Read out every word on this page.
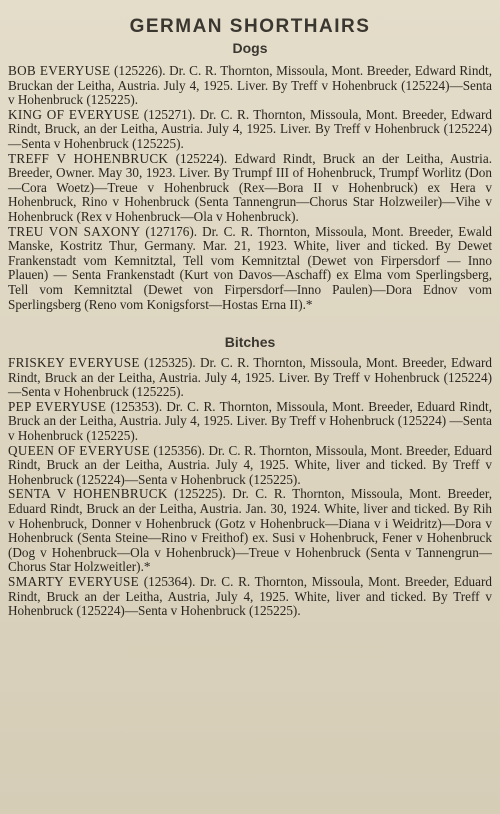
GERMAN SHORTHAIRS
Dogs

BOB EVERYUSE (125226). Dr. C. R. Thornton, Missoula, Mont. Breeder, Edward Rindt, Bruckan der Leitha, Austria. July 4, 1925. Liver. By Treff v Hohenbruck (125224)—Senta v Hohenbruck (125225).

KING OF EVERYUSE (125271). Dr. C. R. Thornton, Missoula, Mont. Breeder, Edward Rindt, Bruck, an der Leitha, Austria. July 4, 1925. Liver. By Treff v Hohenbruck (125224)—Senta v Hohenbruck (125225).

TREFF V HOHENBRUCK (125224). Edward Rindt, Bruck an der Leitha, Austria. Breeder, Owner. May 30, 1923. Liver. By Trumpf III of Hohenbruck, Trumpf Worlitz (Don—Cora Woetz)—Treue v Hohenbruck (Rex—Bora II v Hohenbruck) ex Hera v Hohenbruck, Rino v Hohenbruck (Senta Tannengrun—Chorus Star Holzweiler)—Vihe v Hohenbruck (Rex v Hohenbruck—Ola v Hohenbruck).

TREU VON SAXONY (127176). Dr. C. R. Thornton, Missoula, Mont. Breeder, Ewald Manske, Kostritz Thur, Germany. Mar. 21, 1923. White, liver and ticked. By Dewet Frankenstadt vom Kemnitztal, Tell vom Kemnitztal (Dewet von Firpersdorf — Inno Plauen) — Senta Frankenstadt (Kurt von Davos—Aschaff) ex Elma vom Sperlingsberg, Tell vom Kemnitztal (Dewet von Firpersdorf—Inno Paulen)—Dora Ednov vom Sperlingsberg (Reno vom Konigsforst—Hostas Erna II).*

Bitches

FRISKEY EVERYUSE (125325). Dr. C. R. Thornton, Missoula, Mont. Breeder, Edward Rindt, Bruck an der Leitha, Austria. July 4, 1925. Liver. By Treff v Hohenbruck (125224)—Senta v Hohenbruck (125225).

PEP EVERYUSE (125353). Dr. C. R. Thornton, Missoula, Mont. Breeder, Eduard Rindt, Bruck an der Leitha, Austria. July 4, 1925. Liver. By Treff v Hohenbruck (125224) —Senta v Hohenbruck (125225).

QUEEN OF EVERYUSE (125356). Dr. C. R. Thornton, Missoula, Mont. Breeder, Eduard Rindt, Bruck an der Leitha, Austria. July 4, 1925. White, liver and ticked. By Treff v Hohenbruck (125224)—Senta v Hohenbruck (125225).

SENTA V HOHENBRUCK (125225). Dr. C. R. Thornton, Missoula, Mont. Breeder, Eduard Rindt, Bruck an der Leitha, Austria. Jan. 30, 1924. White, liver and ticked. By Rih v Hohenbruck, Donner v Hohenbruck (Gotz v Hohenbruck—Diana v i Weidritz)—Dora v Hohenbruck (Senta Steine—Rino v Freithof) ex. Susi v Hohenbruck, Fener v Hohenbruck (Dog v Hohenbruck—Ola v Hohenbruck)—Treue v Hohenbruck (Senta v Tannengrun—Chorus Star Holzweitler).*

SMARTY EVERYUSE (125364). Dr. C. R. Thornton, Missoula, Mont. Breeder, Eduard Rindt, Bruck an der Leitha, Austria, July 4, 1925. White, liver and ticked. By Treff v Hohenbruck (125224)—Senta v Hohenbruck (125225).
